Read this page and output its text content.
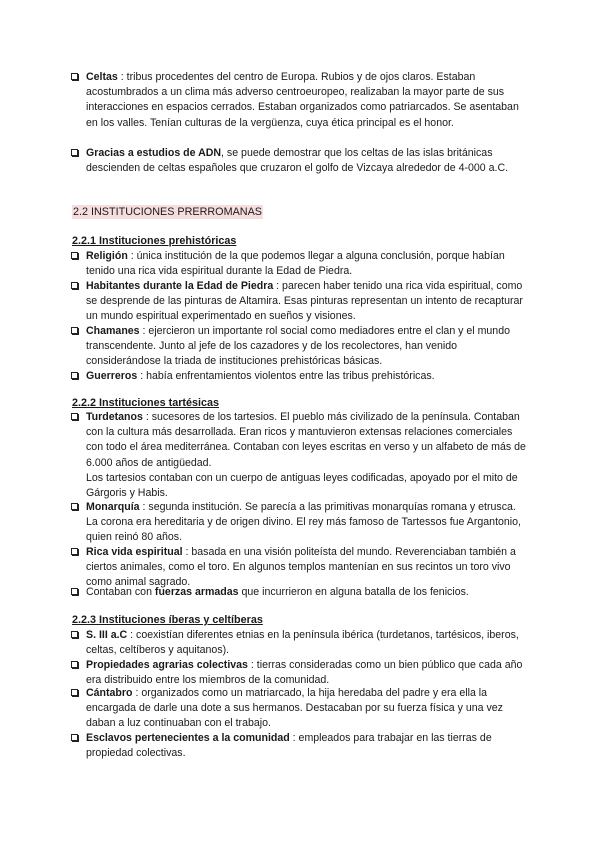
Celtas : tribus procedentes del centro de Europa. Rubios y de ojos claros. Estaban acostumbrados a un clima más adverso centroeuropeo, realizaban la mayor parte de sus interacciones en espacios cerrados. Estaban organizados como patriarcados. Se asentaban en los valles. Tenían culturas de la vergüenza, cuya ética principal es el honor.
Gracias a estudios de ADN, se puede demostrar que los celtas de las islas británicas descienden de celtas españoles que cruzaron el golfo de Vizcaya alrededor de 4-000 a.C.
2.2 INSTITUCIONES PRERROMANAS
2.2.1 Instituciones prehistóricas
Religión : única institución de la que podemos llegar a alguna conclusión, porque habían tenido una rica vida espiritual durante la Edad de Piedra.
Habitantes durante la Edad de Piedra : parecen haber tenido una rica vida espiritual, como se desprende de las pinturas de Altamira. Esas pinturas representan un intento de recapturar un mundo espiritual experimentado en sueños y visiones.
Chamanes : ejercieron un importante rol social como mediadores entre el clan y el mundo transcendente. Junto al jefe de los cazadores y de los recolectores, han venido considerándose la triada de instituciones prehistóricas básicas.
Guerreros : había enfrentamientos violentos entre las tribus prehistóricas.
2.2.2 Instituciones tartésicas
Turdetanos : sucesores de los tartesios. El pueblo más civilizado de la península. Contaban con la cultura más desarrollada. Eran ricos y mantuvieron extensas relaciones comerciales con todo el área mediterránea. Contaban con leyes escritas en verso y un alfabeto de más de 6.000 años de antigüedad.
Los tartesios contaban con un cuerpo de antiguas leyes codificadas, apoyado por el mito de Gárgoris y Habis.
Monarquía : segunda institución. Se parecía a las primitivas monarquías romana y etrusca. La corona era hereditaria y de origen divino. El rey más famoso de Tartessos fue Argantonio, quien reinó 80 años.
Rica vida espiritual : basada en una visión politeísta del mundo. Reverenciaban también a ciertos animales, como el toro. En algunos templos mantenían en sus recintos un toro vivo como animal sagrado.
Contaban con fuerzas armadas que incurrieron en alguna batalla de los fenicios.
2.2.3 Instituciones íberas y celtíberas
S. III a.C : coexistían diferentes etnias en la península ibérica (turdetanos, tartésicos, iberos, celtas, celtíberos y aquitanos).
Propiedades agrarias colectivas : tierras consideradas como un bien público que cada año era distribuido entre los miembros de la comunidad.
Cántabro : organizados como un matriarcado, la hija heredaba del padre y era ella la encargada de darle una dote a sus hermanos. Destacaban por su fuerza física y una vez daban a luz continuaban con el trabajo.
Esclavos pertenecientes a la comunidad : empleados para trabajar en las tierras de propiedad colectivas.
